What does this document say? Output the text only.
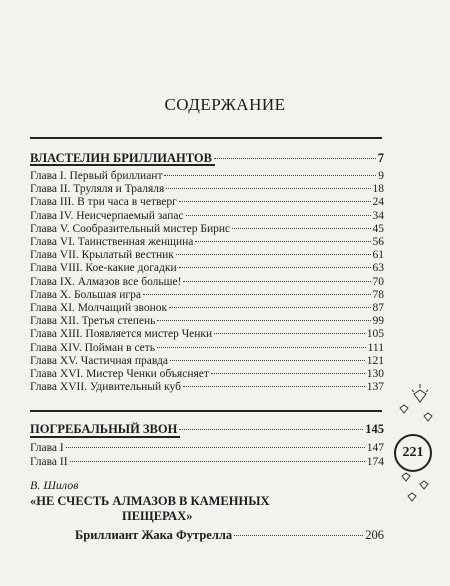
СОДЕРЖАНИЕ
ВЛАСТЕЛИН БРИЛЛИАНТОВ	7
Глава I. Первый бриллиант	9
Глава II. Труляля и Траляля	18
Глава III. В три часа в четверг	24
Глава IV. Неисчерпаемый запас	34
Глава V. Сообразительный мистер Бирнс	45
Глава VI. Таинственная женщина	56
Глава VII. Крылатый вестник	61
Глава VIII. Кое-какие догадки	63
Глава IX. Алмазов все больше!	70
Глава X. Большая игра	78
Глава XI. Молчащий звонок	87
Глава XII. Третья степень	99
Глава XIII. Появляется мистер Ченки	105
Глава XIV. Пойман в сеть	111
Глава XV. Частичная правда	121
Глава XVI. Мистер Ченки объясняет	130
Глава XVII. Удивительный куб	137
ПОГРЕБАЛЬНЫЙ ЗВОН	145
Глава I	147
Глава II	174
В. Шилов
«НЕ СЧЕСТЬ АЛМАЗОВ В КАМЕННЫХ
ПЕЩЕРАХ»
Бриллиант Жака Футрелла	206
221
